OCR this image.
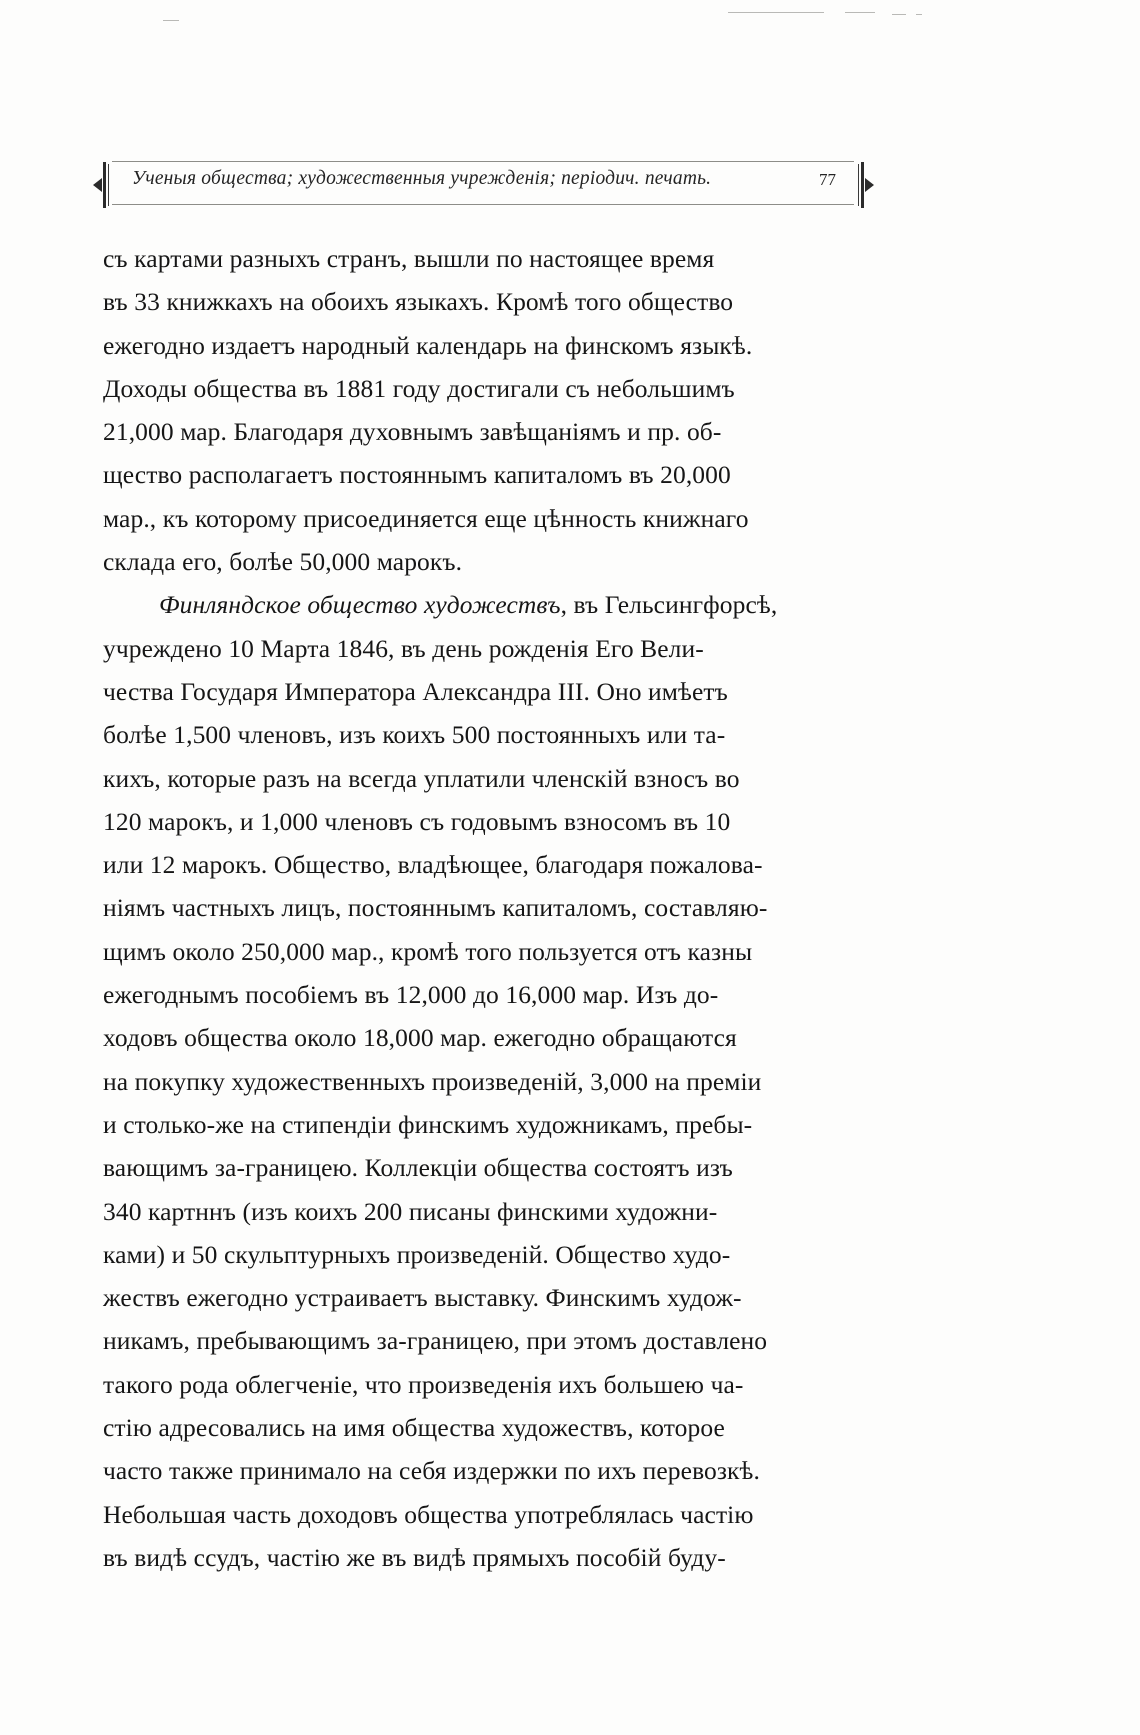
Ученыя общества; художественныя учрежденія; періодич. печать.	77
съ картами разныхъ странъ, вышли по настоящее время
въ 33 книжкахъ на обоихъ языкахъ. Кромѣ того общество
ежегодно издаетъ народный календарь на финскомъ языкѣ.
Доходы общества въ 1881 году достигали съ небольшимъ
21,000 мар. Благодаря духовнымъ завѣщаніямъ и пр. об-
щество располагаетъ постояннымъ капиталомъ въ 20,000
мар., къ которому присоединяется еще цѣнность книжнаго
склада его, болѣе 50,000 марокъ.
Финляндское общество художествъ, въ Гельсингфорсѣ,
учреждено 10 Марта 1846, въ день рожденія Его Вели-
чества Государя Императора Александра III. Оно имѣетъ
болѣе 1,500 членовъ, изъ коихъ 500 постоянныхъ или та-
кихъ, которые разъ на всегда уплатили членскій взносъ во
120 марокъ, и 1,000 членовъ съ годовымъ взносомъ въ 10
или 12 марокъ. Общество, владѣющее, благодаря пожалова-
ніямъ частныхъ лицъ, постояннымъ капиталомъ, составляю-
щимъ около 250,000 мар., кромѣ того пользуется отъ казны
ежегоднымъ пособіемъ въ 12,000 до 16,000 мар. Изъ до-
ходовъ общества около 18,000 мар. ежегодно обращаются
на покупку художественныхъ произведеній, 3,000 на преміи
и столько-же на стипендіи финскимъ художникамъ, пребы-
вающимъ за-границею. Коллекціи общества состоятъ изъ
340 картннъ (изъ коихъ 200 писаны финскими художни-
ками) и 50 скульптурныхъ произведеній. Общество худо-
жествъ ежегодно устраиваетъ выставку. Финскимъ худож-
никамъ, пребывающимъ за-границею, при этомъ доставлено
такого рода облегченіе, что произведенія ихъ большею ча-
стію адресовались на имя общества художествъ, которое
часто также принимало на себя издержки по ихъ перевозкѣ.
Небольшая часть доходовъ общества употреблялась частію
въ видѣ ссудъ, частію же въ видѣ прямыхъ пособій буду-
